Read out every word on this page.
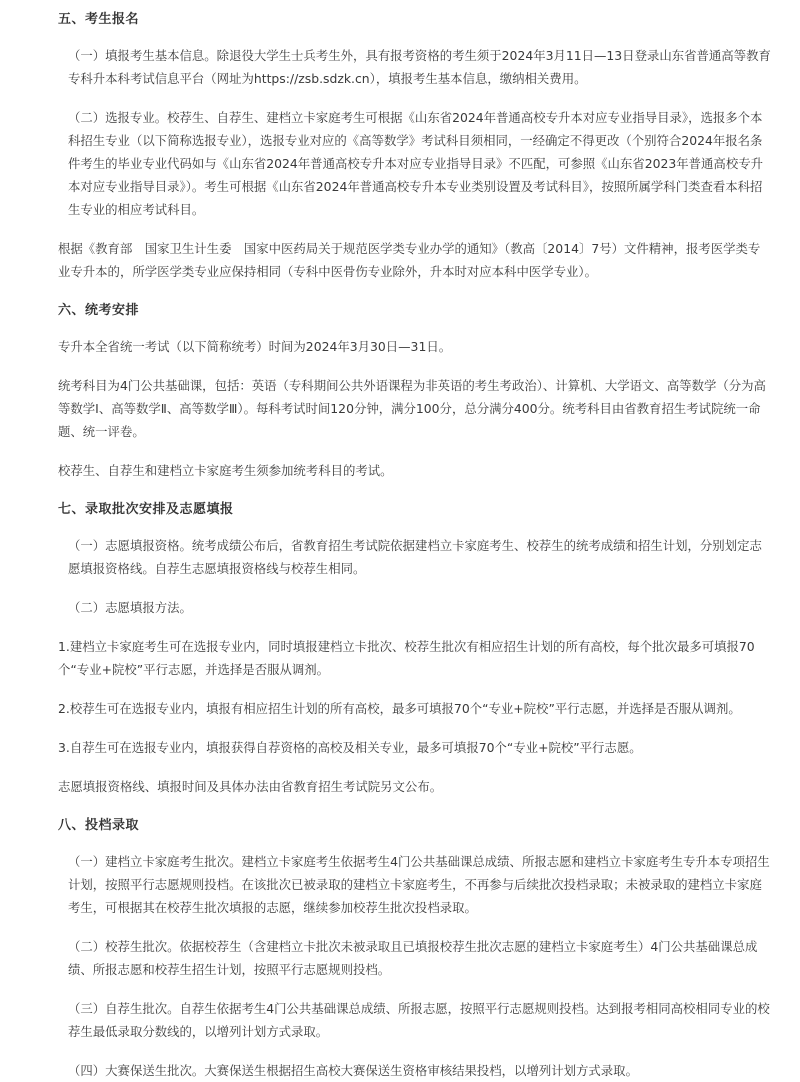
五、考生报名

（一）填报考生基本信息。除退役大学生士兵考生外，具有报考资格的考生须于2024年3月11日—13日登录山东省普通高等教育专科升本科考试信息平台（网址为https://zsb.sdzk.cn），填报考生基本信息，缴纳相关费用。

（二）选报专业。校荐生、自荐生、建档立卡家庭考生可根据《山东省2024年普通高校专升本对应专业指导目录》，选报多个本科招生专业（以下简称选报专业），选报专业对应的《高等数学》考试科目须相同，一经确定不得更改（个别符合2024年报名条件考生的毕业专业代码如与《山东省2024年普通高校专升本对应专业指导目录》不匹配，可参照《山东省2023年普通高校专升本对应专业指导目录》）。考生可根据《山东省2024年普通高校专升本专业类别设置及考试科目》，按照所属学科门类查看本科招生专业的相应考试科目。

根据《教育部　国家卫生计生委　国家中医药局关于规范医学类专业办学的通知》（教高〔2014〕7号）文件精神，报考医学类专业专升本的，所学医学类专业应保持相同（专科中医骨伤专业除外，升本时对应本科中医学专业）。

六、统考安排

专升本全省统一考试（以下简称统考）时间为2024年3月30日—31日。

统考科目为4门公共基础课，包括：英语（专科期间公共外语课程为非英语的考生考政治）、计算机、大学语文、高等数学（分为高等数学Ⅰ、高等数学Ⅱ、高等数学Ⅲ）。每科考试时间120分钟，满分100分，总分满分400分。统考科目由省教育招生考试院统一命题、统一评卷。

校荐生、自荐生和建档立卡家庭考生须参加统考科目的考试。

七、录取批次安排及志愿填报

（一）志愿填报资格。统考成绩公布后，省教育招生考试院依据建档立卡家庭考生、校荐生的统考成绩和招生计划，分别划定志愿填报资格线。自荐生志愿填报资格线与校荐生相同。

（二）志愿填报方法。

1.建档立卡家庭考生可在选报专业内，同时填报建档立卡批次、校荐生批次有相应招生计划的所有高校，每个批次最多可填报70个“专业+院校”平行志愿，并选择是否服从调剂。

2.校荐生可在选报专业内，填报有相应招生计划的所有高校，最多可填报70个“专业+院校”平行志愿，并选择是否服从调剂。

3.自荐生可在选报专业内，填报获得自荐资格的高校及相关专业，最多可填报70个“专业+院校”平行志愿。

志愿填报资格线、填报时间及具体办法由省教育招生考试院另文公布。

八、投档录取

（一）建档立卡家庭考生批次。建档立卡家庭考生依据考生4门公共基础课总成绩、所报志愿和建档立卡家庭考生专升本专项招生计划，按照平行志愿规则投档。在该批次已被录取的建档立卡家庭考生，不再参与后续批次投档录取；未被录取的建档立卡家庭考生，可根据其在校荐生批次填报的志愿，继续参加校荐生批次投档录取。

（二）校荐生批次。依据校荐生（含建档立卡批次未被录取且已填报校荐生批次志愿的建档立卡家庭考生）4门公共基础课总成绩、所报志愿和校荐生招生计划，按照平行志愿规则投档。

（三）自荐生批次。自荐生依据考生4门公共基础课总成绩、所报志愿，按照平行志愿规则投档。达到报考相同高校相同专业的校荐生最低录取分数线的，以增列计划方式录取。

（四）大赛保送生批次。大赛保送生根据招生高校大赛保送生资格审核结果投档，以增列计划方式录取。
